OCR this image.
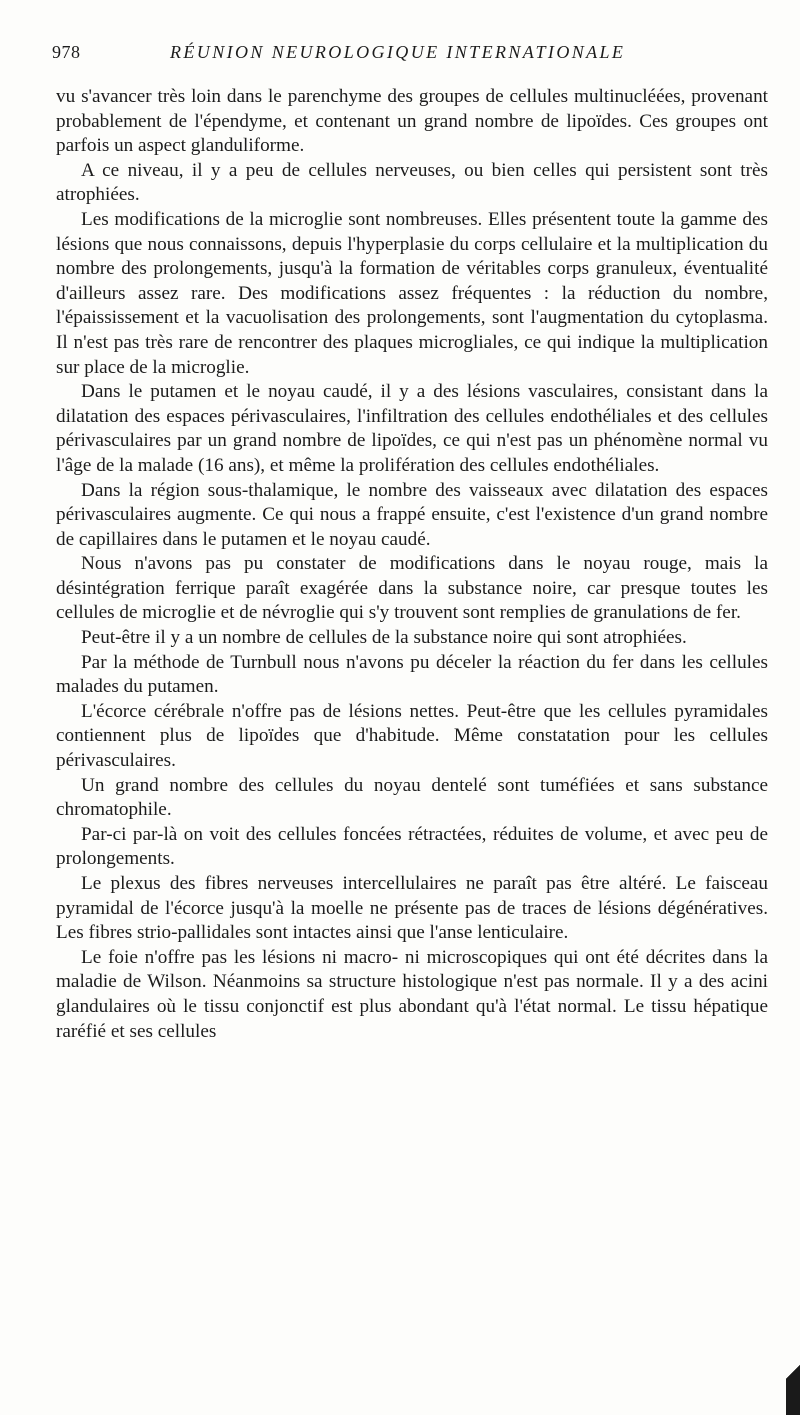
978	RÉUNION NEUROLOGIQUE INTERNATIONALE

vu s'avancer très loin dans le parenchyme des groupes de cellules multinucléées, provenant probablement de l'épendyme, et contenant un grand nombre de lipoïdes. Ces groupes ont parfois un aspect glanduliforme.

A ce niveau, il y a peu de cellules nerveuses, ou bien celles qui persistent sont très atrophiées.

Les modifications de la microglie sont nombreuses. Elles présentent toute la gamme des lésions que nous connaissons, depuis l'hyperplasie du corps cellulaire et la multiplication du nombre des prolongements, jusqu'à la formation de véritables corps granuleux, éventualité d'ailleurs assez rare. Des modifications assez fréquentes : la réduction du nombre, l'épaississement et la vacuolisation des prolongements, sont l'augmentation du cytoplasma. Il n'est pas très rare de rencontrer des plaques microgliales, ce qui indique la multiplication sur place de la microglie.

Dans le putamen et le noyau caudé, il y a des lésions vasculaires, consistant dans la dilatation des espaces périvasculaires, l'infiltration des cellules endothéliales et des cellules périvasculaires par un grand nombre de lipoïdes, ce qui n'est pas un phénomène normal vu l'âge de la malade (16 ans), et même la prolifération des cellules endothéliales.

Dans la région sous-thalamique, le nombre des vaisseaux avec dilatation des espaces périvasculaires augmente. Ce qui nous a frappé ensuite, c'est l'existence d'un grand nombre de capillaires dans le putamen et le noyau caudé.

Nous n'avons pas pu constater de modifications dans le noyau rouge, mais la désintégration ferrique paraît exagérée dans la substance noire, car presque toutes les cellules de microglie et de névroglie qui s'y trouvent sont remplies de granulations de fer.

Peut-être il y a un nombre de cellules de la substance noire qui sont atrophiées.

Par la méthode de Turnbull nous n'avons pu déceler la réaction du fer dans les cellules malades du putamen.

L'écorce cérébrale n'offre pas de lésions nettes. Peut-être que les cellules pyramidales contiennent plus de lipoïdes que d'habitude. Même constatation pour les cellules périvasculaires.

Un grand nombre des cellules du noyau dentelé sont tuméfiées et sans substance chromatophile.

Par-ci par-là on voit des cellules foncées rétractées, réduites de volume, et avec peu de prolongements.

Le plexus des fibres nerveuses intercellulaires ne paraît pas être altéré. Le faisceau pyramidal de l'écorce jusqu'à la moelle ne présente pas de traces de lésions dégénératives. Les fibres strio-pallidales sont intactes ainsi que l'anse lenticulaire.

Le foie n'offre pas les lésions ni macro- ni microscopiques qui ont été décrites dans la maladie de Wilson. Néanmoins sa structure histologique n'est pas normale. Il y a des acini glandulaires où le tissu conjonctif est plus abondant qu'à l'état normal. Le tissu hépatique raréfié et ses cellules
